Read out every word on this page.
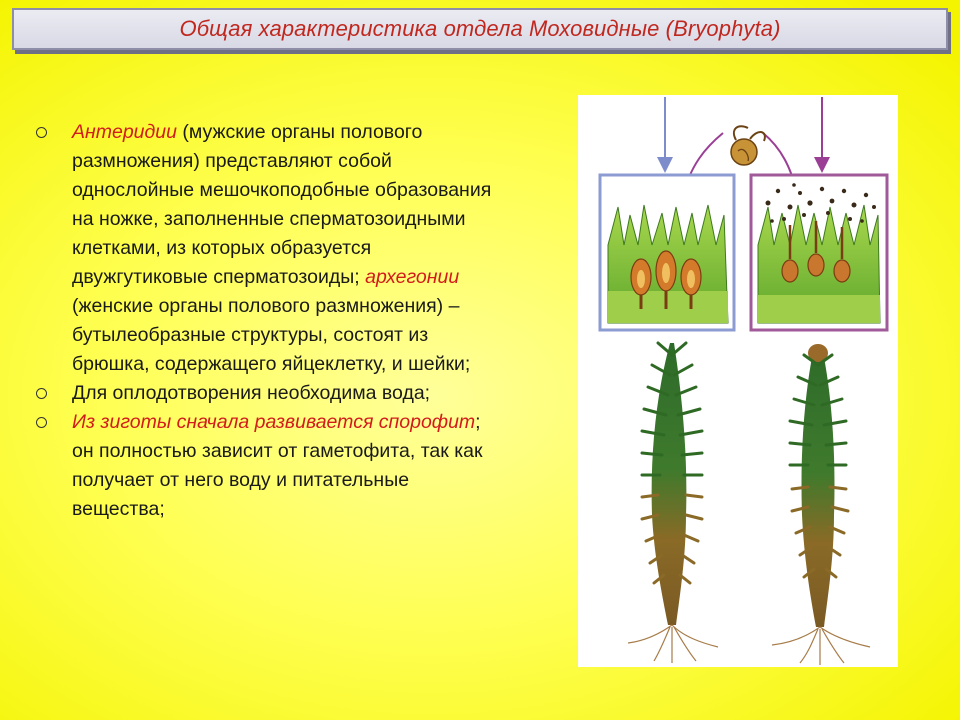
Общая характеристика отдела Моховидные (Bryophyta)
Антеридии (мужские органы полового размножения) представляют собой однослойные мешочкоподобные образования на ножке, заполненные сперматозоидными клетками, из которых образуется двужгутиковые сперматозоиды; архегонии (женские органы полового размножения) – бутылеобразные структуры, состоят из брюшка, содержащего яйцеклетку, и шейки;
Для оплодотворения необходима вода;
Из зиготы сначала развивается спорофит; он полностью зависит от гаметофита, так как получает от него воду и питательные вещества;
